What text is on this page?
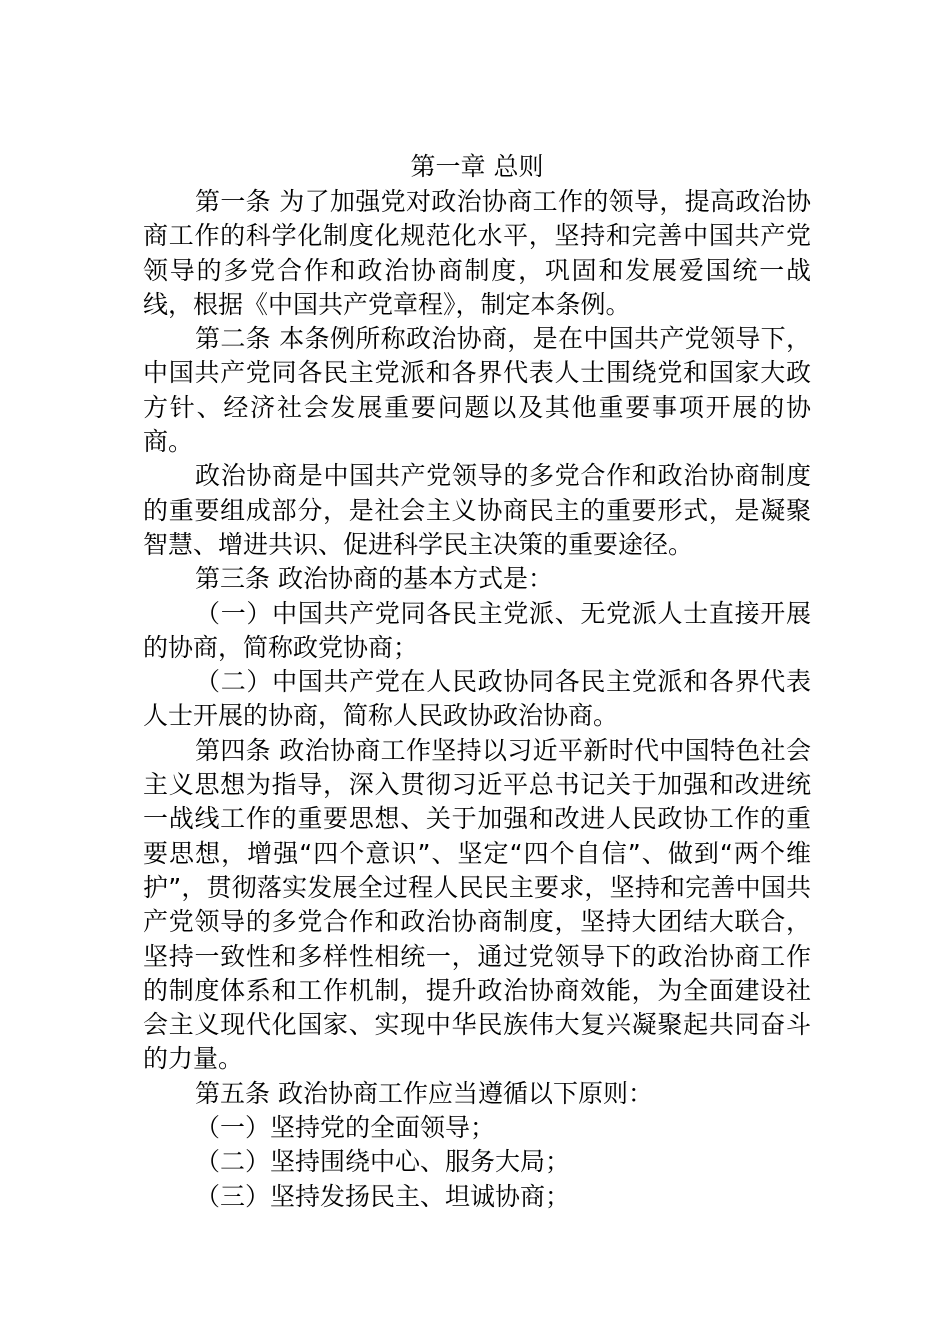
第一章 总则

第一条 为了加强党对政治协商工作的领导，提高政治协商工作的科学化制度化规范化水平，坚持和完善中国共产党领导的多党合作和政治协商制度，巩固和发展爱国统一战线，根据《中国共产党章程》，制定本条例。

第二条 本条例所称政治协商，是在中国共产党领导下，中国共产党同各民主党派和各界代表人士围绕党和国家大政方针、经济社会发展重要问题以及其他重要事项开展的协商。

政治协商是中国共产党领导的多党合作和政治协商制度的重要组成部分，是社会主义协商民主的重要形式，是凝聚智慧、增进共识、促进科学民主决策的重要途径。

第三条 政治协商的基本方式是：

（一）中国共产党同各民主党派、无党派人士直接开展的协商，简称政党协商；

（二）中国共产党在人民政协同各民主党派和各界代表人士开展的协商，简称人民政协政治协商。

第四条 政治协商工作坚持以习近平新时代中国特色社会主义思想为指导，深入贯彻习近平总书记关于加强和改进统一战线工作的重要思想、关于加强和改进人民政协工作的重要思想，增强“四个意识”、坚定“四个自信”、做到“两个维护”，贯彻落实发展全过程人民民主要求，坚持和完善中国共产党领导的多党合作和政治协商制度，坚持大团结大联合，坚持一致性和多样性相统一，通过党领导下的政治协商工作的制度体系和工作机制，提升政治协商效能，为全面建设社会主义现代化国家、实现中华民族伟大复兴凝聚起共同奋斗的力量。

第五条 政治协商工作应当遵循以下原则：

（一）坚持党的全面领导；

（二）坚持围绕中心、服务大局；

（三）坚持发扬民主、坦诚协商；
